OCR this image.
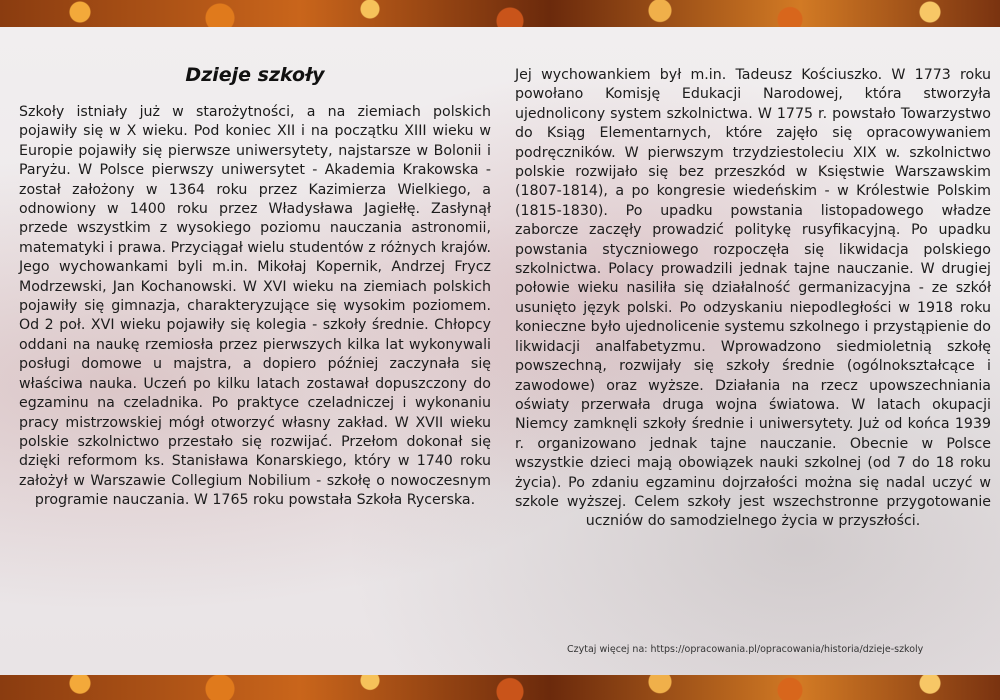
Dzieje szkoły

Szkoły istniały już w starożytności, a na ziemiach polskich pojawiły się w X wieku. Pod koniec XII i na początku XIII wieku w Europie pojawiły się pierwsze uniwersytety, najstarsze w Bolonii i Paryżu. W Polsce pierwszy uniwersytet - Akademia Krakowska - został założony w 1364 roku przez Kazimierza Wielkiego, a odnowiony w 1400 roku przez Władysława Jagiełłę. Zasłynął przede wszystkim z wysokiego poziomu nauczania astronomii, matematyki i prawa. Przyciągał wielu studentów z różnych krajów. Jego wychowankami byli m.in. Mikołaj Kopernik, Andrzej Frycz Modrzewski, Jan Kochanowski. W XVI wieku na ziemiach polskich pojawiły się gimnazja, charakteryzujące się wysokim poziomem. Od 2 poł. XVI wieku pojawiły się kolegia - szkoły średnie. Chłopcy oddani na naukę rzemiosła przez pierwszych kilka lat wykonywali posługi domowe u majstra, a dopiero później zaczynała się właściwa nauka. Uczeń po kilku latach zostawał dopuszczony do egzaminu na czeladnika. Po praktyce czeladniczej i wykonaniu pracy mistrzowskiej mógł otworzyć własny zakład. W XVII wieku polskie szkolnictwo przestało się rozwijać. Przełom dokonał się dzięki reformom ks. Stanisława Konarskiego, który w 1740 roku założył w Warszawie Collegium Nobilium - szkołę o nowoczesnym programie nauczania. W 1765 roku powstała Szkoła Rycerska.

Jej wychowankiem był m.in. Tadeusz Kościuszko. W 1773 roku powołano Komisję Edukacji Narodowej, która stworzyła ujednolicony system szkolnictwa. W 1775 r. powstało Towarzystwo do Ksiąg Elementarnych, które zajęło się opracowywaniem podręczników. W pierwszym trzydziestoleciu XIX w. szkolnictwo polskie rozwijało się bez przeszkód w Księstwie Warszawskim (1807-1814), a po kongresie wiedeńskim - w Królestwie Polskim (1815-1830). Po upadku powstania listopadowego władze zaborcze zaczęły prowadzić politykę rusyfikacyjną. Po upadku powstania styczniowego rozpoczęła się likwidacja polskiego szkolnictwa. Polacy prowadzili jednak tajne nauczanie. W drugiej połowie wieku nasiliła się działalność germanizacyjna - ze szkół usunięto język polski. Po odzyskaniu niepodległości w 1918 roku konieczne było ujednolicenie systemu szkolnego i przystąpienie do likwidacji analfabetyzmu. Wprowadzono siedmioletnią szkołę powszechną, rozwijały się szkoły średnie (ogólnokształcące i zawodowe) oraz wyższe. Działania na rzecz upowszechniania oświaty przerwała druga wojna światowa. W latach okupacji Niemcy zamknęli szkoły średnie i uniwersytety. Już od końca 1939 r. organizowano jednak tajne nauczanie. Obecnie w Polsce wszystkie dzieci mają obowiązek nauki szkolnej (od 7 do 18 roku życia). Po zdaniu egzaminu dojrzałości można się nadal uczyć w szkole wyższej. Celem szkoły jest wszechstronne przygotowanie uczniów do samodzielnego życia w przyszłości.

Czytaj więcej na: https://opracowania.pl/opracowania/historia/dzieje-szkoly
